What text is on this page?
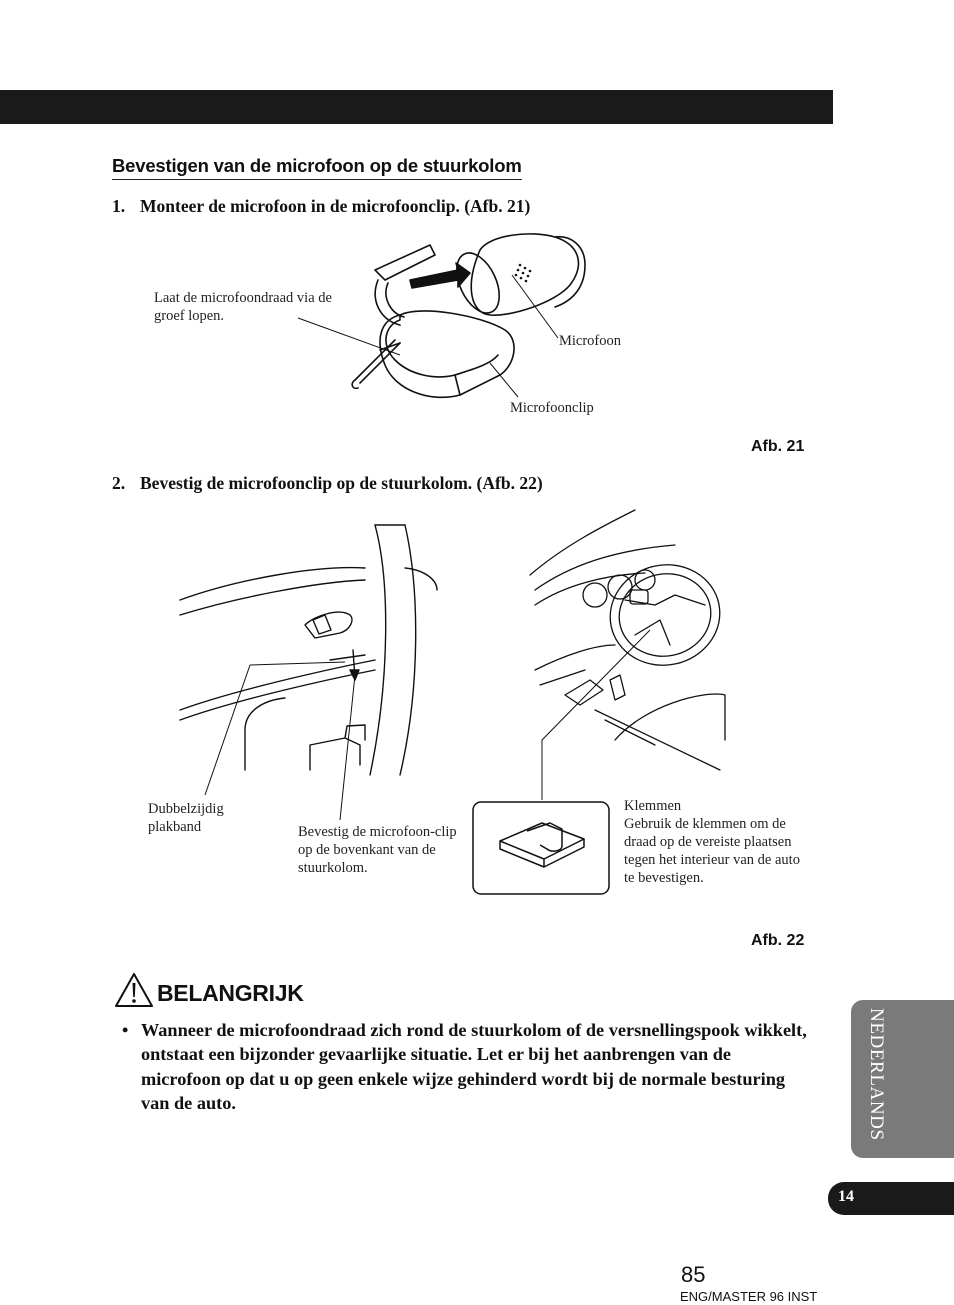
Bevestigen van de microfoon op de stuurkolom
1. Monteer de microfoon in de microfoonclip. (Afb. 21)
Laat de microfoondraad via de groef lopen.
Microfoon
Microfoonclip
Afb. 21
2. Bevestig de microfoonclip op de stuurkolom. (Afb. 22)
Dubbelzijdig plakband	Bevestig de microfoon-clip op de bovenkant van de stuurkolom.
Klemmen
Gebruik de klemmen om de draad op de vereiste plaatsen tegen het interieur van de auto te bevestigen.
Afb. 22
BELANGRIJK
• Wanneer de microfoondraad zich rond de stuurkolom of de versnellingspook wikkelt, ontstaat een bijzonder gevaarlijke situatie. Let er bij het aanbrengen van de microfoon op dat u op geen enkele wijze gehinderd wordt bij de normale besturing van de auto.	NEDERLANDS
14
85
ENG/MASTER 96 INST
